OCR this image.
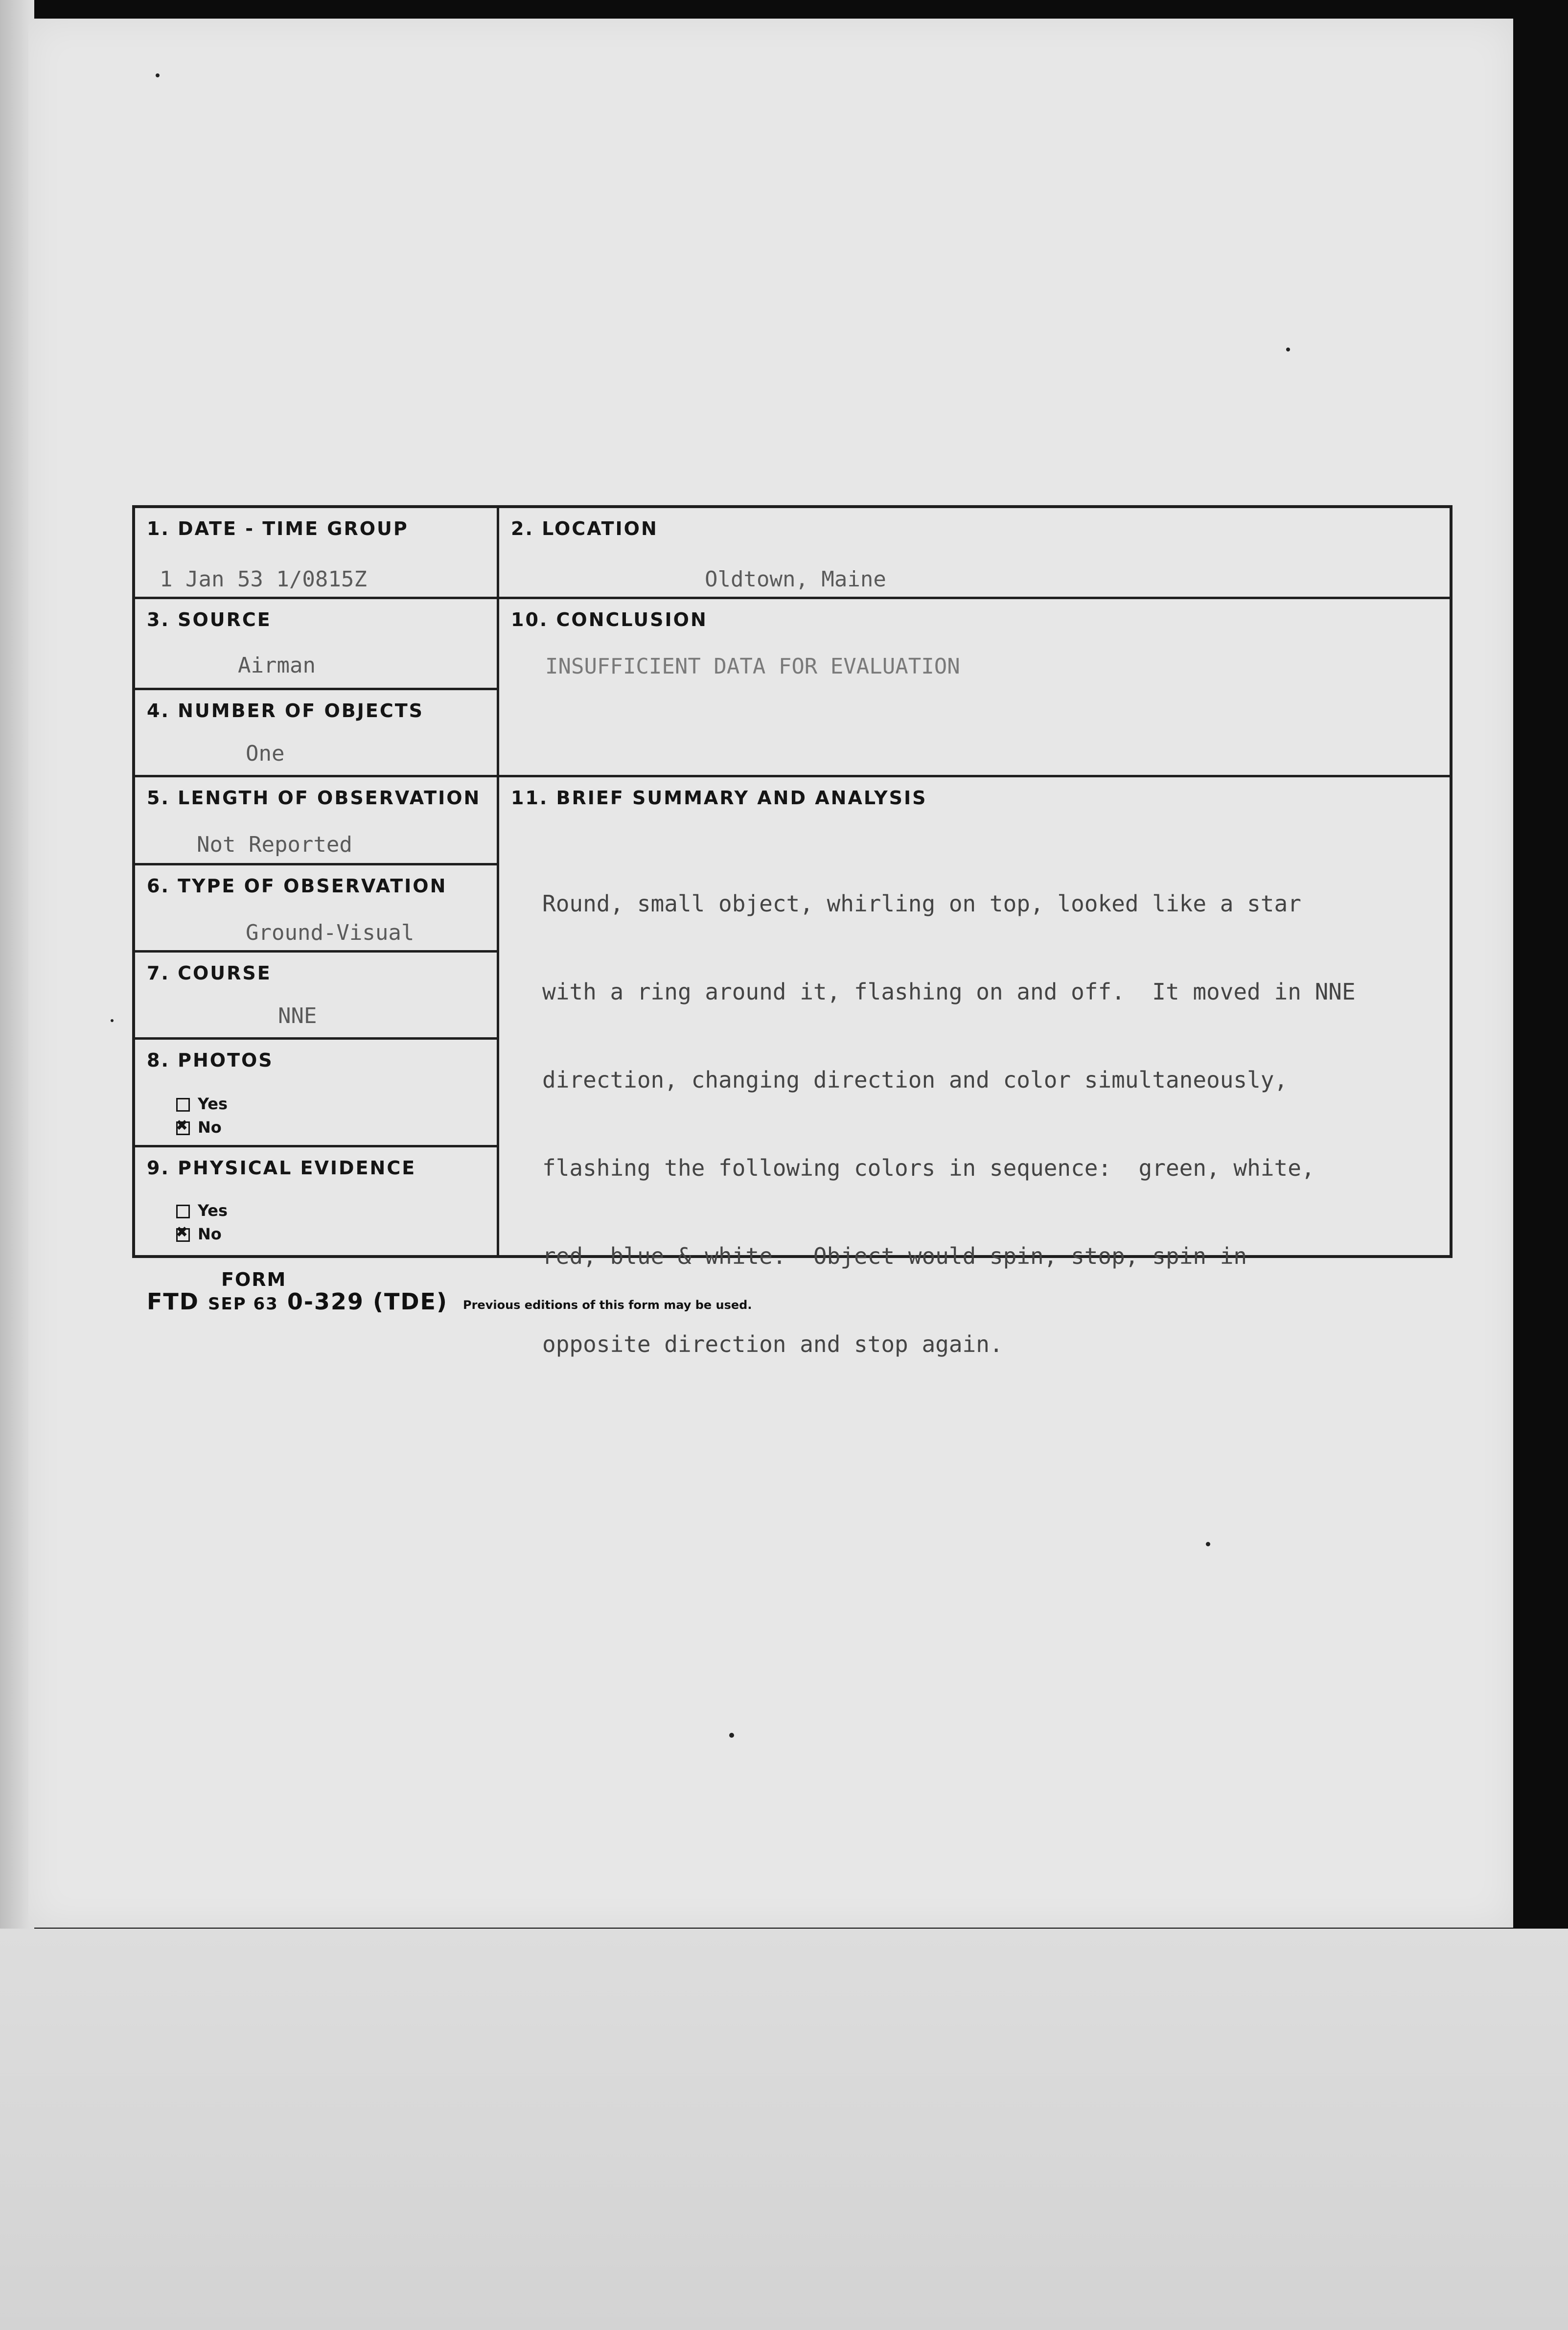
1. DATE - TIME GROUP
1 Jan 53 1/0815Z
2. LOCATION
Oldtown, Maine
3. SOURCE
Airman
4. NUMBER OF OBJECTS
One
5. LENGTH OF OBSERVATION
Not Reported
6. TYPE OF OBSERVATION
Ground-Visual
7. COURSE
NNE
8. PHOTOS
Yes
✖No
9. PHYSICAL EVIDENCE
Yes
✖No
10. CONCLUSION
INSUFFICIENT DATA FOR EVALUATION
11. BRIEF SUMMARY AND ANALYSIS

Round, small object, whirling on top, looked like a star

with a ring around it, flashing on and off.  It moved in NNE

direction, changing direction and color simultaneously,

flashing the following colors in sequence:  green, white,

red, blue & white.  Object would spin, stop, spin in

opposite direction and stop again.

FORM
FTD SEP 63 0-329 (TDE) Previous editions of this form may be used.
